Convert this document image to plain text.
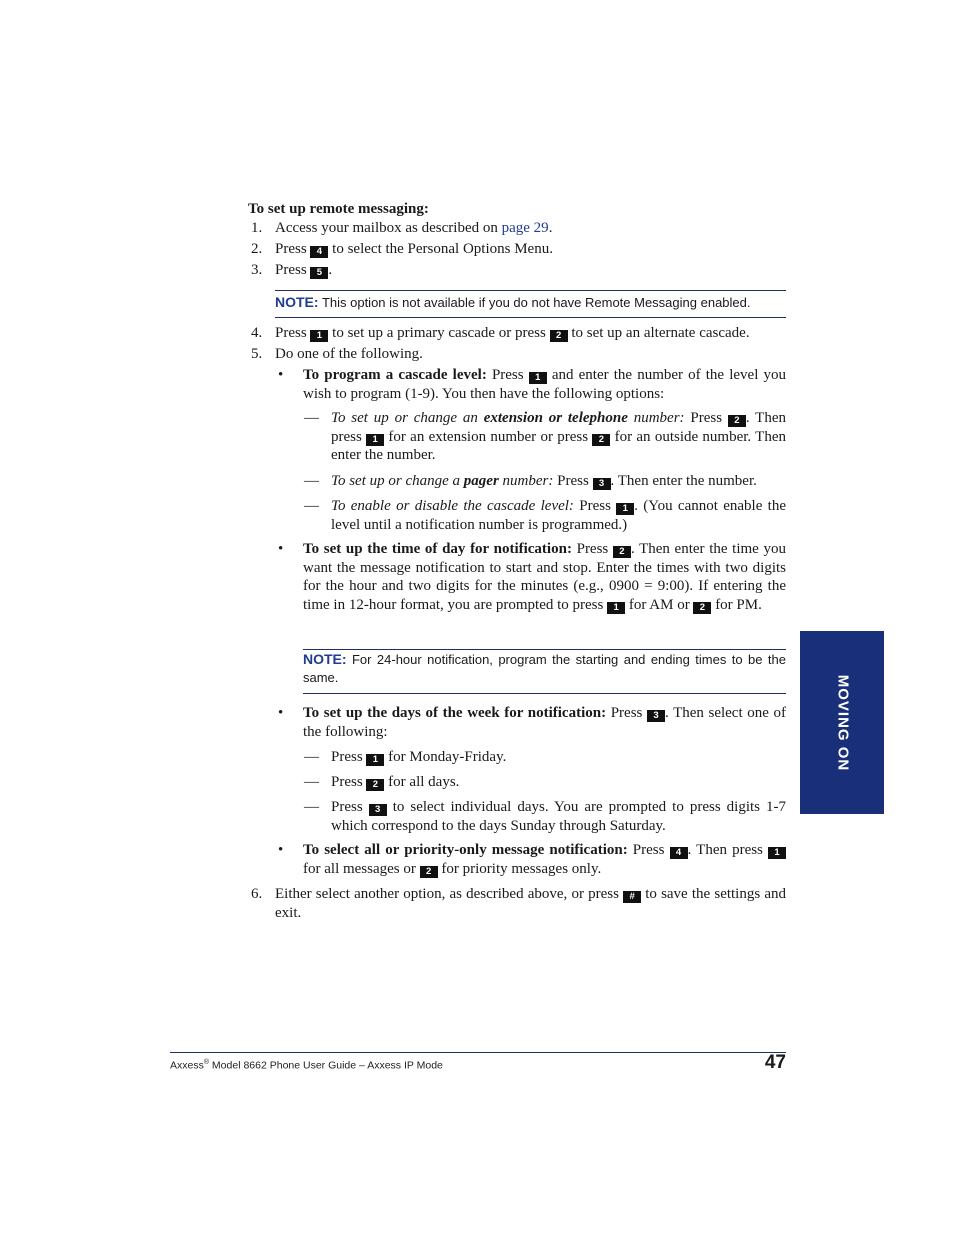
To set up remote messaging:
1. Access your mailbox as described on page 29.
2. Press 4 to select the Personal Options Menu.
3. Press 5 .
NOTE: This option is not available if you do not have Remote Messaging enabled.
4. Press 1 to set up a primary cascade or press 2 to set up an alternate cascade.
5. Do one of the following.
• To program a cascade level: Press 1 and enter the number of the level you wish to program (1-9). You then have the following options:
— To set up or change an extension or telephone number: Press 2 . Then press 1 for an extension number or press 2 for an outside number. Then enter the number.
— To set up or change a pager number: Press 3 . Then enter the number.
— To enable or disable the cascade level: Press 1 . (You cannot enable the level until a notification number is programmed.)
• To set up the time of day for notification: Press 2 . Then enter the time you want the message notification to start and stop. Enter the times with two digits for the hour and two digits for the minutes (e.g., 0900 = 9:00). If entering the time in 12-hour format, you are prompted to press 1 for AM or 2 for PM.
NOTE: For 24-hour notification, program the starting and ending times to be the same.
• To set up the days of the week for notification: Press 3 . Then select one of the following:
— Press 1 for Monday-Friday.
— Press 2 for all days.
— Press 3 to select individual days. You are prompted to press digits 1-7 which correspond to the days Sunday through Saturday.
• To select all or priority-only message notification: Press 4 . Then press 1 for all messages or 2 for priority messages only.
6. Either select another option, as described above, or press # to save the settings and exit.
MOVING ON
Axxess® Model 8662 Phone User Guide – Axxess IP Mode	47
